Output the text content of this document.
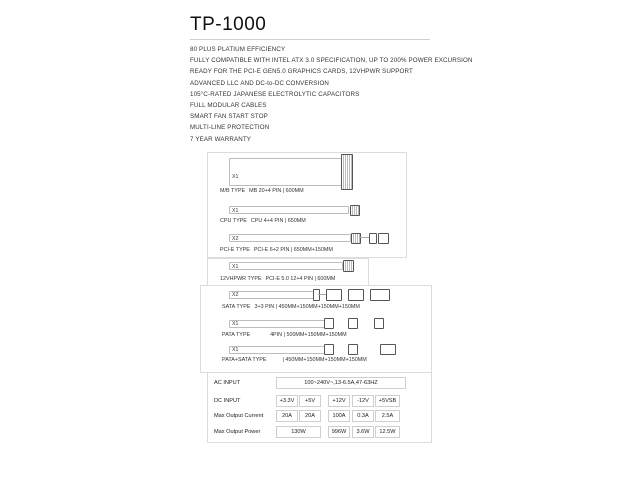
TP-1000
80 PLUS PLATIUM EFFICIENCY
FULLY COMPATIBLE WITH INTEL ATX 3.0 SPECIFICATION, UP TO 200% POWER EXCURSION
READY FOR THE PCI-E GEN5.0 GRAPHICS CARDS, 12VHPWR SUPPORT
ADVANCED LLC AND DC-to-DC CONVERSION
105°C-RATED JAPANESE ELECTROLYTIC CAPACITORS
FULL MODULAR CABLES
SMART FAN START STOP
MULTI-LINE PROTECTION
7 YEAR WARRANTY
X1
M/B TYPE MB 20+4 PIN | 600MM
X1
CPU TYPE CPU 4+4 PIN | 650MM
X2
PCI-E TYPE PCI-E 6+2 PIN | 650MM+150MM
X1
12VHPWR TYPE PCI-E 5.0 12+4 PIN | 600MM
X2
SATA TYPE 3+3 PIN | 450MM+150MM+150MM+150MM
X1
PATA TYPE	4PIN | 500MM+150MM+150MM
X1
PATA+SATA TYPE	| 450MM+150MM+150MM+150MM
AC INPUT	100~240V~,13-6.5A,47-63HZ
DC INPUT	+3.3V	+5V	+12V	-12V	+5VSB
Max Output Current	20A	20A	100A	0.3A	2.5A
Max Output Power	130W	996W	3.6W	12.5W
